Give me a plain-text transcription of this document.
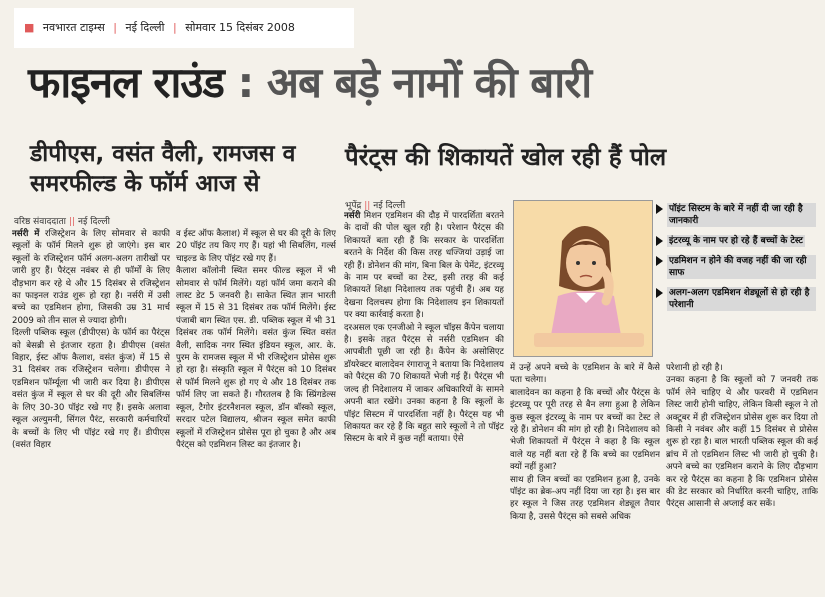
■ नवभारत टाइम्स | नई दिल्ली | सोमवार 15 दिसंबर 2008
फाइनल राउंड : अब बड़े नामों की बारी
डीपीएस, वसंत वैली, रामजस व समरफील्ड के फॉर्म आज से
पैरंट्स की शिकायतें खोल रही हैं पोल
वरिष्ठ संवाददाता || नई दिल्ली
भूपेंद्र || नई दिल्ली

नर्सरी में रजिस्ट्रेशन के लिए सोमवार से काफी स्कूलों के फॉर्म मिलने शुरू हो जाएंगे। इस बार स्कूलों के रजिस्ट्रेशन फॉर्म अलग-अलग तारीखों पर जारी हुए हैं। पैरंट्स नवंबर से ही फॉर्मों के लिए दौड़भाग कर रहे थे और 15 दिसंबर से रजिस्ट्रेशन का फाइनल राउंड शुरू हो रहा है। नर्सरी में उसी बच्चे का एडमिशन होगा, जिसकी उम्र 31 मार्च 2009 को तीन साल से ज्यादा होगी।

दिल्ली पब्लिक स्कूल (डीपीएस) के फॉर्म का पैरंट्स को बेसब्री से इंतजार रहता है। डीपीएस (वसंत विहार, ईस्ट ऑफ कैलाश, वसंत कुंज) में 15 से 31 दिसंबर तक रजिस्ट्रेशन चलेगा। डीपीएस ने एडमिशन फॉर्म्यूला भी जारी कर दिया है। डीपीएस वसंत कुंज में स्कूल से घर की दूरी और सिबलिंग्स के लिए 30-30 पॉइंट रखे गए हैं। इसके अलावा स्कूल अल्युमनी, सिंगल पैरंट, सरकारी कर्मचारियों के बच्चों के लिए भी पॉइंट रखे गए हैं। डीपीएस (वसंत विहार

व ईस्ट ऑफ कैलाश) में स्कूल से घर की दूरी के लिए 20 पॉइंट तय किए गए हैं। यहां भी सिबलिंग, गर्ल्स चाइल्ड के लिए पॉइंट रखे गए हैं।

कैलाश कॉलोनी स्थित समर फील्ड स्कूल में भी सोमवार से फॉर्म मिलेंगे। यहां फॉर्म जमा कराने की लास्ट डेट 5 जनवरी है। साकेत स्थित ज्ञान भारती स्कूल में 15 से 31 दिसंबर तक फॉर्म मिलेंगे। ईस्ट पंजाबी बाग स्थित एस. डी. पब्लिक स्कूल में भी 31 दिसंबर तक फॉर्म मिलेंगे। वसंत कुंज स्थित वसंत वैली, सादिक नगर स्थित इंडियन स्कूल, आर. के. पुरम के रामजस स्कूल में भी रजिस्ट्रेशन प्रोसेस शुरू हो रहा है। संस्कृति स्कूल में पैरंट्स को 10 दिसंबर से फॉर्म मिलने शुरू हो गए थे और 18 दिसंबर तक फॉर्म लिए जा सकते हैं। गौरतलब है कि स्प्रिंगडेल्स स्कूल, टैगोर इंटरनैशनल स्कूल, डॉन बॉस्को स्कूल, सरदार पटेल विद्यालय, श्रीजन स्कूल समेत काफी स्कूलों में रजिस्ट्रेशन प्रोसेस पूरा हो चुका है और अब पैरंट्स को एडमिशन लिस्ट का इंतजार है।

नर्सरी मिशन एडमिशन की दौड़ में पारदर्शिता बरतने के दावों की पोल खुल रही है। परेशान पैरंट्स की शिकायतें बता रही हैं कि सरकार के पारदर्शिता बरतने के निर्देश की किस तरह धज्जियां उड़ाई जा रही हैं। डोनेशन की मांग, बिना बिल के पेमेंट, इंटरव्यू के नाम पर बच्चों का टेस्ट, इसी तरह की कई शिकायतें शिक्षा निदेशालय तक पहुंची हैं। अब यह देखना दिलचस्प होगा कि निदेशालय इन शिकायतों पर क्या कार्रवाई करता है।

दरअसल एक एनजीओ ने स्कूल चॉइस कैंपेन चलाया है। इसके तहत पैरंट्स से नर्सरी एडमिशन की आपबीती पूछी जा रही है। कैंपेन के असोसिएट डॉयरेक्टर बालादेवन रंगाराजू ने बताया कि निदेशालय को पैरंट्स की 70 शिकायतें भेजी गई हैं। पैरंट्स भी जल्द ही निदेशालय में जाकर अधिकारियों के सामने अपनी बात रखेंगे। उनका कहना है कि स्कूलों के पॉइंट सिस्टम में पारदर्शिता नहीं है। पैरंट्स यह भी शिकायत कर रहे हैं कि बहुत सारे स्कूलों ने तो पॉइंट सिस्टम के बारे में कुछ नहीं बताया। ऐसे

पॉइंट सिस्टम के बारे में नहीं दी जा रही है जानकारी
इंटरव्यू के नाम पर हो रहे हैं बच्चों के टेस्ट
एडमिशन न होने की वजह नहीं की जा रही साफ
अलग-अलग एडमिशन शेड्यूलों से हो रही है परेशानी

में उन्हें अपने बच्चे के एडमिशन के बारे में कैसे पता चलेगा।

बालादेवन का कहना है कि बच्चों और पैरंट्स के इंटरव्यू पर पूरी तरह से बैन लगा हुआ है लेकिन कुछ स्कूल इंटरव्यू के नाम पर बच्चों का टेस्ट ले रहे हैं। डोनेशन की मांग हो रही है। निदेशालय को भेजी शिकायतों में पैरंट्स ने कहा है कि स्कूल वाले यह नहीं बता रहे हैं कि बच्चे का एडमिशन क्यों नहीं हुआ?

साथ ही जिन बच्चों का एडमिशन हुआ है, उनके पॉइंट का ब्रेक-अप नहीं दिया जा रहा है। इस बार हर स्कूल ने जिस तरह एडमिशन शेड्यूल तैयार किया है, उससे पैरंट्स को सबसे अधिक

परेशानी हो रही है।

उनका कहना है कि स्कूलों को 7 जनवरी तक फॉर्म लेने चाहिए थे और फरवरी में एडमिशन लिस्ट जारी होनी चाहिए, लेकिन किसी स्कूल ने तो अक्टूबर में ही रजिस्ट्रेशन प्रोसेस शुरू कर दिया तो किसी ने नवंबर और कहीं 15 दिसंबर से प्रोसेस शुरू हो रहा है। बाल भारती पब्लिक स्कूल की कई ब्रांच में तो एडमिशन लिस्ट भी जारी हो चुकी है। अपने बच्चे का एडमिशन कराने के लिए दौड़भाग कर रहे पैरंट्स का कहना है कि एडमिशन प्रोसेस की डेट सरकार को निर्धारित करनी चाहिए, ताकि पैरंट्स आसानी से अप्लाई कर सकें।
